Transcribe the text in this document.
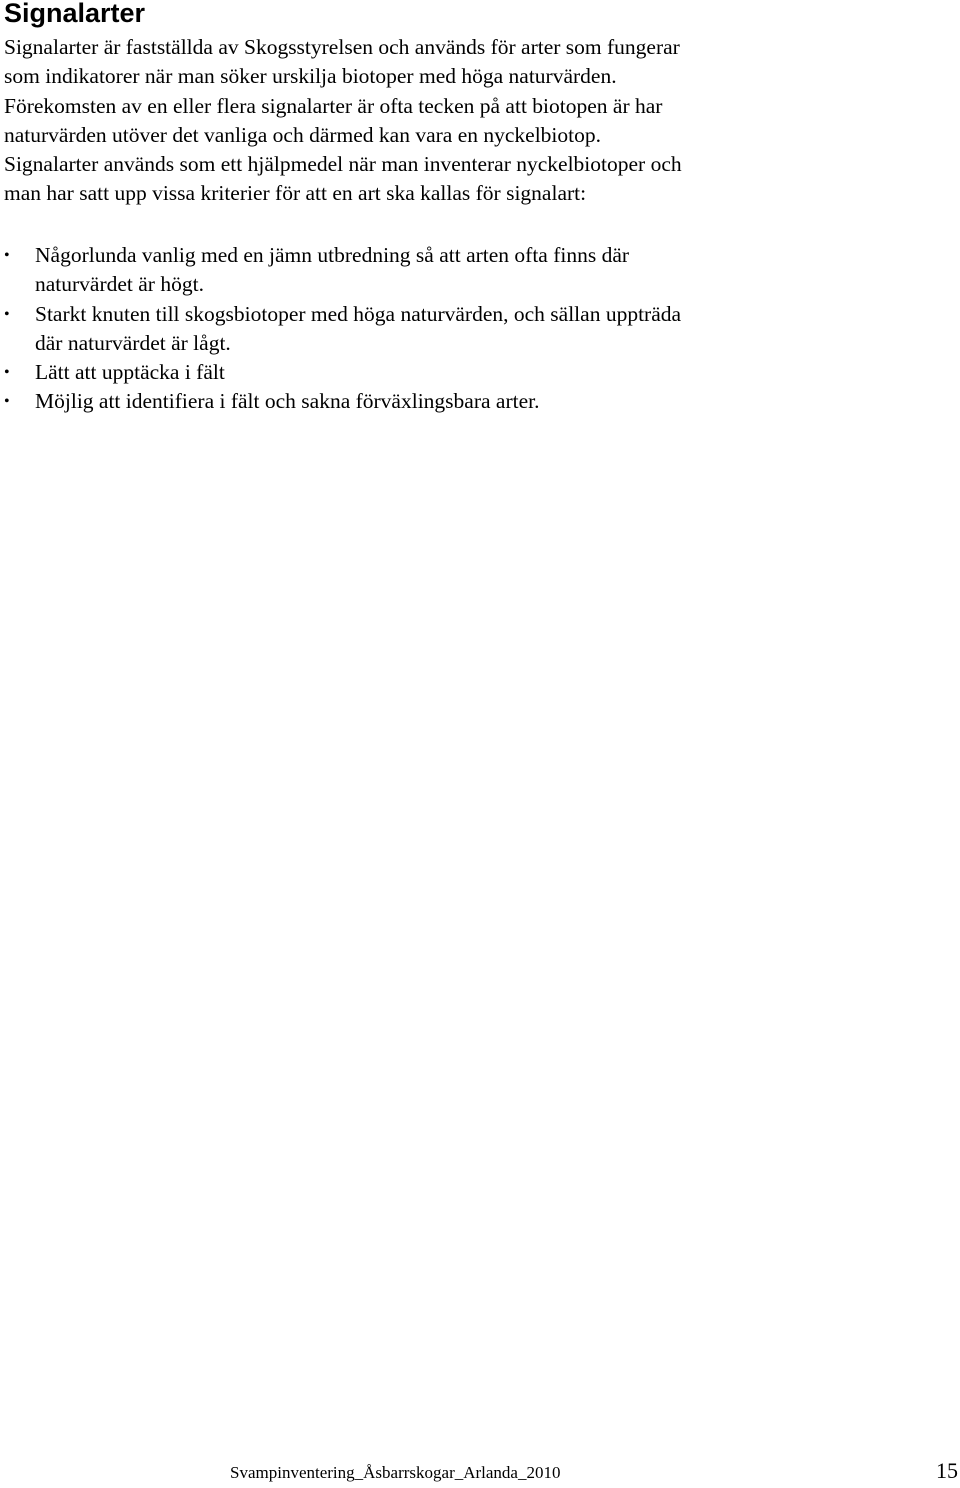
Signalarter

Signalarter är fastställda av Skogsstyrelsen och används för arter som fungerar
som indikatorer när man söker urskilja biotoper med höga naturvärden.
Förekomsten av en eller flera signalarter är ofta tecken på att biotopen är har
naturvärden utöver det vanliga och därmed kan vara en nyckelbiotop.
Signalarter används som ett hjälpmedel när man inventerar nyckelbiotoper och
man har satt upp vissa kriterier för att en art ska kallas för signalart:

• Någorlunda vanlig med en jämn utbredning så att arten ofta finns där
naturvärdet är högt.
• Starkt knuten till skogsbiotoper med höga naturvärden, och sällan uppträda
där naturvärdet är lågt.
• Lätt att upptäcka i fält
• Möjlig att identifiera i fält och sakna förväxlingsbara arter.
Svampinventering_Åsbarrskogar_Arlanda_2010	15
